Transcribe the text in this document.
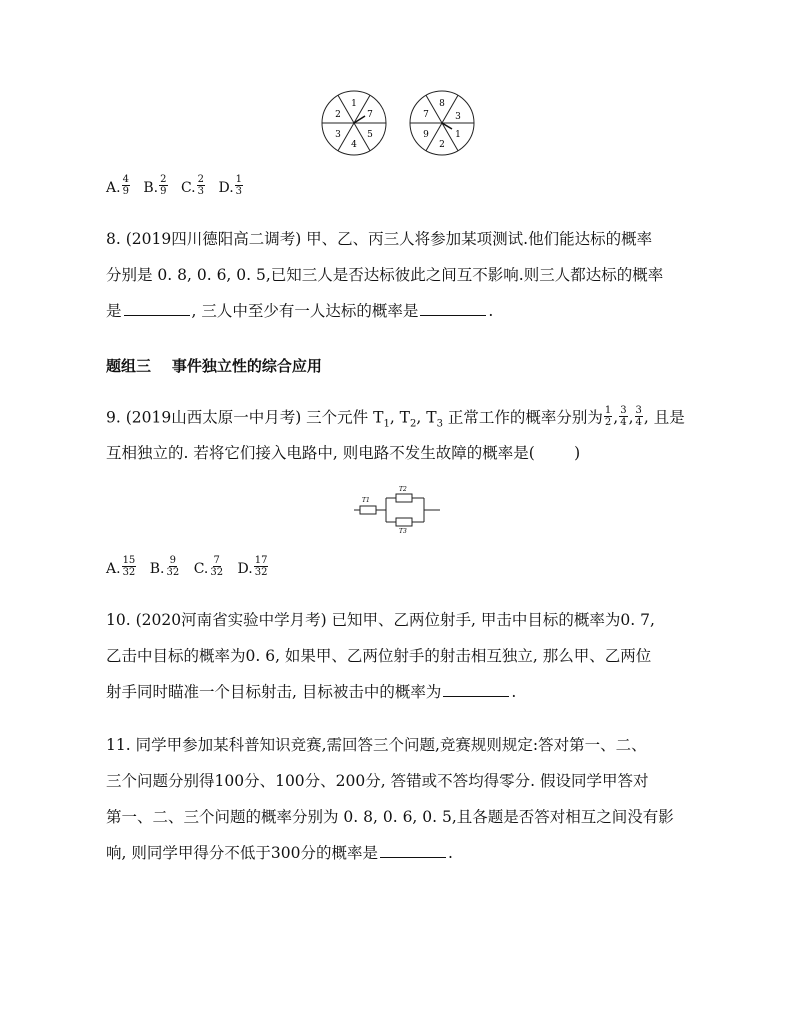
1
7
5
4
3
2
8
3
1
2
9
7
A. $\frac{4}{9} B$. $\frac{2}{9} C$. $\frac{2}{3} D$. $\frac{1}{3}$
8. (2019四川德阳高二调考) 甲、乙、丙三人将参加某项测试.他们能达标的概率
分别是 0. 8, 0. 6, 0. 5,已知三人是否达标彼此之间互不影响.则三人都达标的概率
是	, 三人中至少有一人达标的概率是	.
题组三    事件独立性的综合应用
9. (2019山西太原一中月考) 三个元件 $T_1$, $T_2$, $T_3$ 正常工作的概率分别为 $\frac{1}{2}$ , $\frac{3}{4}$ , $\frac{3}{4}$ , 且是
互相独立的. 若将它们接入电路中, 则电路不发生故障的概率是(        )
T1
T2
T3
A. $\frac{15}{32} B$. $\frac{9}{32} C$. $\frac{7}{32} D$. $\frac{17}{32}$
10. (2020河南省实验中学月考) 已知甲、乙两位射手, 甲击中目标的概率为0. 7,
乙击中目标的概率为0. 6, 如果甲、乙两位射手的射击相互独立, 那么甲、乙两位
射手同时瞄准一个目标射击, 目标被击中的概率为	.
11. 同学甲参加某科普知识竞赛,需回答三个问题,竞赛规则规定:答对第一、二、
三个问题分别得100分、100分、200分, 答错或不答均得零分. 假设同学甲答对
第一、二、三个问题的概率分别为 0. 8, 0. 6, 0. 5,且各题是否答对相互之间没有影
响, 则同学甲得分不低于300分的概率是	.
